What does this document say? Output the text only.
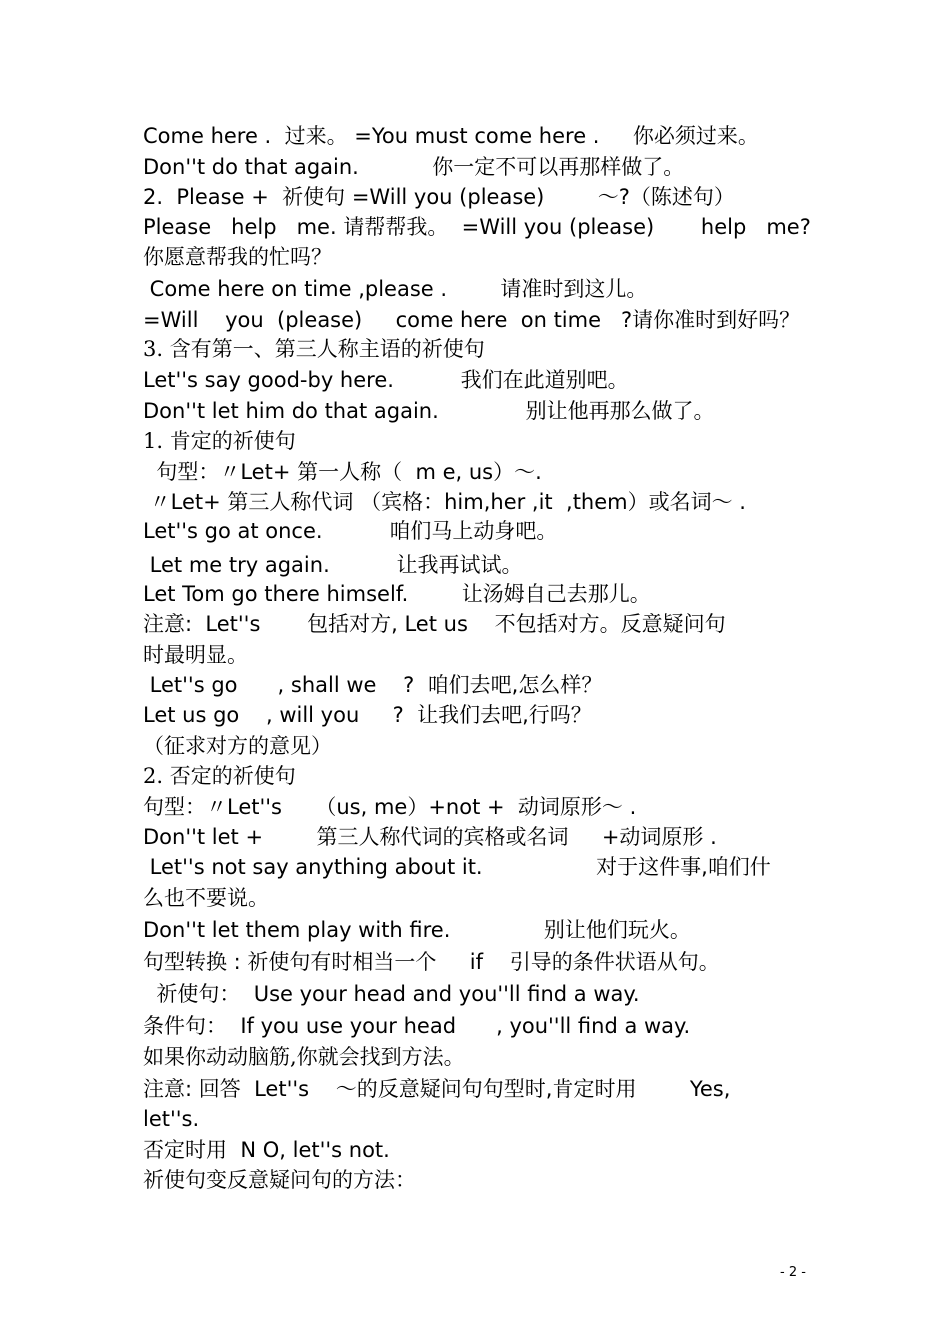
Come here .  过来。 =You must come here .     你必须过来。
Don''t do that again.           你一定不可以再那样做了。
2.  Please +  祈使句 =Will you (please)        ～?（陈述句）
Please   help   me. 请帮帮我。  =Will you (please)       help   me?
你愿意帮我的忙吗？
Come here on time ,please .        请准时到这儿。
=Will    you  (please)     come here  on time   ?请你准时到好吗？
3. 含有第一、第三人称主语的祈使句
Let''s say good-by here.          我们在此道别吧。
Don''t let him do that again.             别让他再那么做了。
1. 肯定的祈使句
句型：〃Let+ 第一人称（  m e, us）～.
〃Let+ 第三人称代词 （宾格：him,her ,it  ,them）或名词～ .
Let''s go at once.          咱们马上动身吧。
Let me try again.          让我再试试。
Let Tom go there himself.        让汤姆自己去那儿。
注意:  Let''s       包括对方, Let us    不包括对方。反意疑问句
时最明显。
Let''s go      , shall we    ?  咱们去吧,怎么样？
Let us go    , will you     ?  让我们去吧,行吗？
（征求对方的意见）
2. 否定的祈使句
句型：〃Let''s     （us, me）+not +  动词原形～ .
Don''t let +        第三人称代词的宾格或名词     +动词原形 .
Let''s not say anything about it.                 对于这件事,咱们什
么也不要说。
Don''t let them play with fire.              别让他们玩火。
句型转换 : 祈使句有时相当一个     if    引导的条件状语从句。
祈使句：  Use your head and you''ll find a way.
条件句：  If you use your head      , you''ll find a way.
如果你动动脑筋,你就会找到方法。
注意: 回答  Let''s    ～的反意疑问句句型时,肯定时用        Yes,
let''s.
否定时用  N O, let''s not.
祈使句变反意疑问句的方法：
- 2 -
